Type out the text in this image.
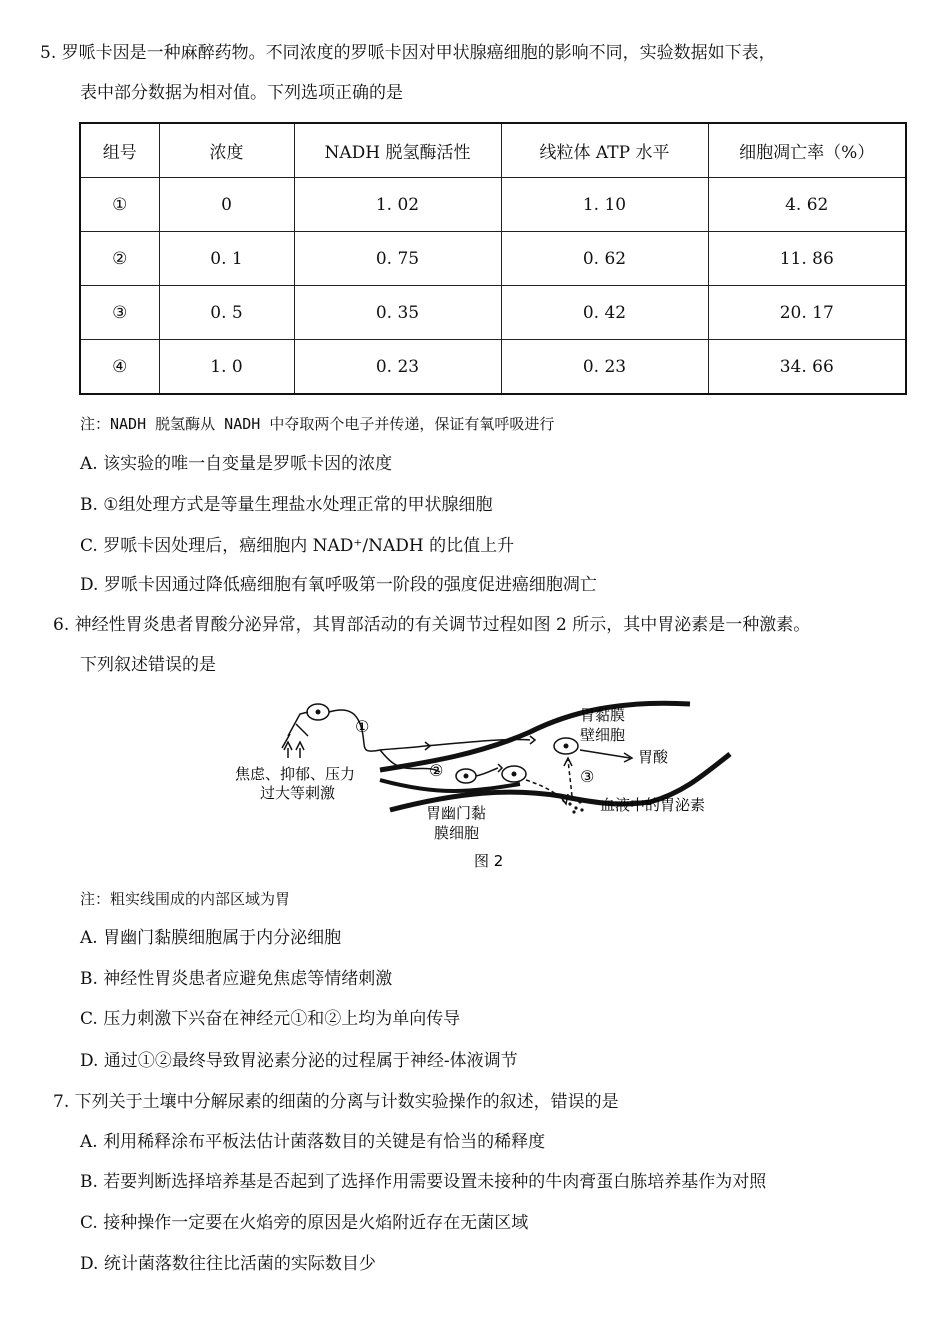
5. 罗哌卡因是一种麻醉药物。不同浓度的罗哌卡因对甲状腺癌细胞的影响不同，实验数据如下表，
表中部分数据为相对值。下列选项正确的是
组号	浓度	NADH 脱氢酶活性	线粒体 ATP 水平	细胞凋亡率（%）
①	0	1. 02	1. 10	4. 62
②	0. 1	0. 75	0. 62	11. 86
③	0. 5	0. 35	0. 42	20. 17
④	1. 0	0. 23	0. 23	34. 66
注：NADH 脱氢酶从 NADH 中夺取两个电子并传递，保证有氧呼吸进行
A. 该实验的唯一自变量是罗哌卡因的浓度
B. ①组处理方式是等量生理盐水处理正常的甲状腺细胞
C. 罗哌卡因处理后，癌细胞内 NAD⁺/NADH 的比值上升
D. 罗哌卡因通过降低癌细胞有氧呼吸第一阶段的强度促进癌细胞凋亡
6. 神经性胃炎患者胃酸分泌异常，其胃部活动的有关调节过程如图 2 所示，其中胃泌素是一种激素。
下列叙述错误的是
①
焦虑、抑郁、压力
过大等刺激
②
胃黏膜
壁细胞
胃酸
血液中的胃泌素
③
胃幽门黏
膜细胞
图 2
注：粗实线围成的内部区域为胃
A. 胃幽门黏膜细胞属于内分泌细胞
B. 神经性胃炎患者应避免焦虑等情绪刺激
C. 压力刺激下兴奋在神经元①和②上均为单向传导
D. 通过①②最终导致胃泌素分泌的过程属于神经-体液调节
7. 下列关于土壤中分解尿素的细菌的分离与计数实验操作的叙述，错误的是
A. 利用稀释涂布平板法估计菌落数目的关键是有恰当的稀释度
B. 若要判断选择培养基是否起到了选择作用需要设置未接种的牛肉膏蛋白胨培养基作为对照
C. 接种操作一定要在火焰旁的原因是火焰附近存在无菌区域
D. 统计菌落数往往比活菌的实际数目少
